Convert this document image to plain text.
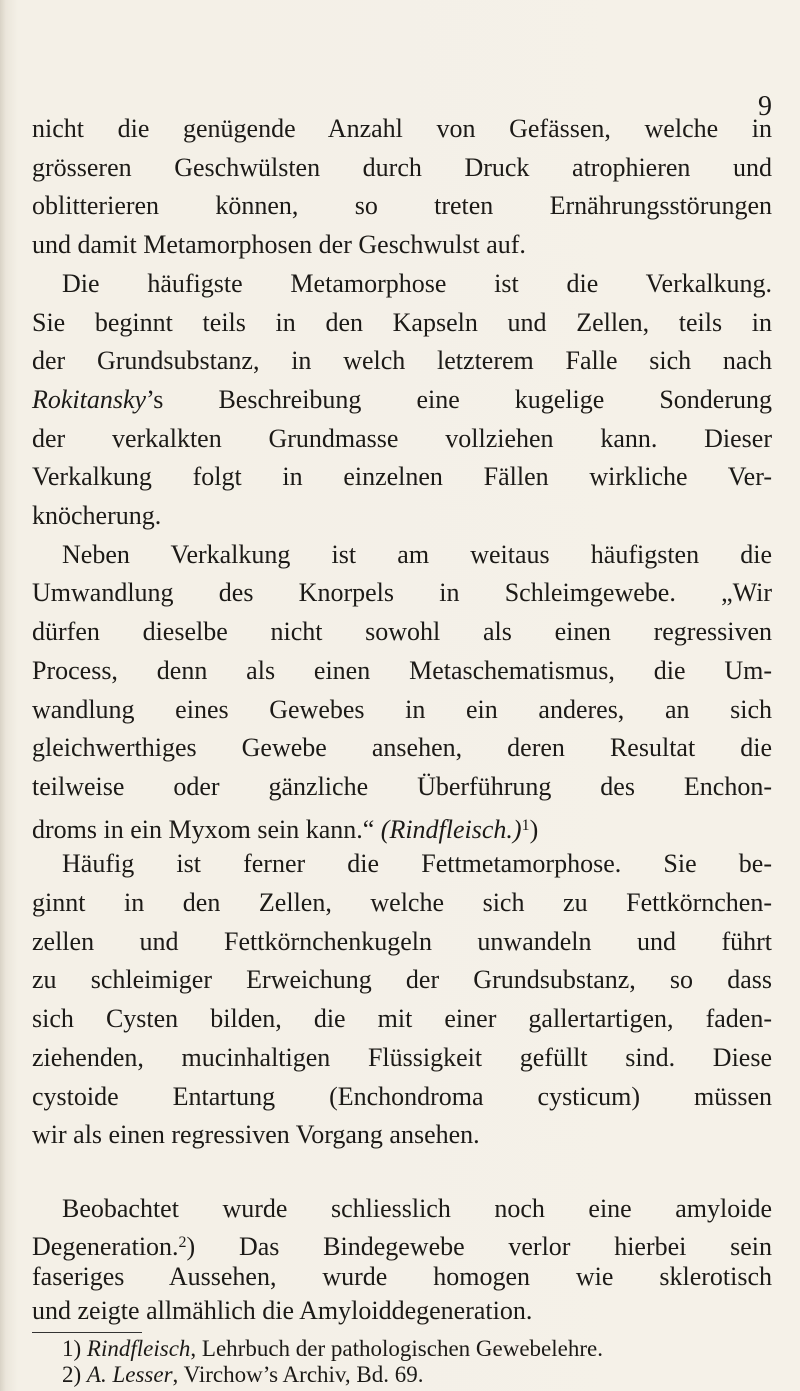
9
nicht die genügende Anzahl von Gefässen, welche in
grösseren Geschwülsten durch Druck atrophieren und
oblitterieren können, so treten Ernährungsstörungen
und damit Metamorphosen der Geschwulst auf.
Die häufigste Metamorphose ist die Verkalkung.
Sie beginnt teils in den Kapseln und Zellen, teils in
der Grundsubstanz, in welch letzterem Falle sich nach
Rokitansky’s Beschreibung eine kugelige Sonderung
der verkalkten Grundmasse vollziehen kann. Dieser
Verkalkung folgt in einzelnen Fällen wirkliche Ver-
knöcherung.
Neben Verkalkung ist am weitaus häufigsten die
Umwandlung des Knorpels in Schleimgewebe. „Wir
dürfen dieselbe nicht sowohl als einen regressiven
Process, denn als einen Metaschematismus, die Um-
wandlung eines Gewebes in ein anderes, an sich
gleichwerthiges Gewebe ansehen, deren Resultat die
teilweise oder gänzliche Überführung des Enchon-
droms in ein Myxom sein kann.“ (Rindfleisch.)$^1$)
Häufig ist ferner die Fettmetamorphose. Sie be-
ginnt in den Zellen, welche sich zu Fettkörnchen-
zellen und Fettkörnchenkugeln unwandeln und führt
zu schleimiger Erweichung der Grundsubstanz, so dass
sich Cysten bilden, die mit einer gallertartigen, faden-
ziehenden, mucinhaltigen Flüssigkeit gefüllt sind. Diese
cystoide Entartung (Enchondroma cysticum) müssen
wir als einen regressiven Vorgang ansehen.
Beobachtet wurde schliesslich noch eine amyloide
Degeneration.$^2$) Das Bindegewebe verlor hierbei sein
faseriges Aussehen, wurde homogen wie sklerotisch
und zeigte allmählich die Amyloiddegeneration.
1) Rindfleisch, Lehrbuch der pathologischen Gewebelehre.
2) A. Lesser, Virchow’s Archiv, Bd. 69.
